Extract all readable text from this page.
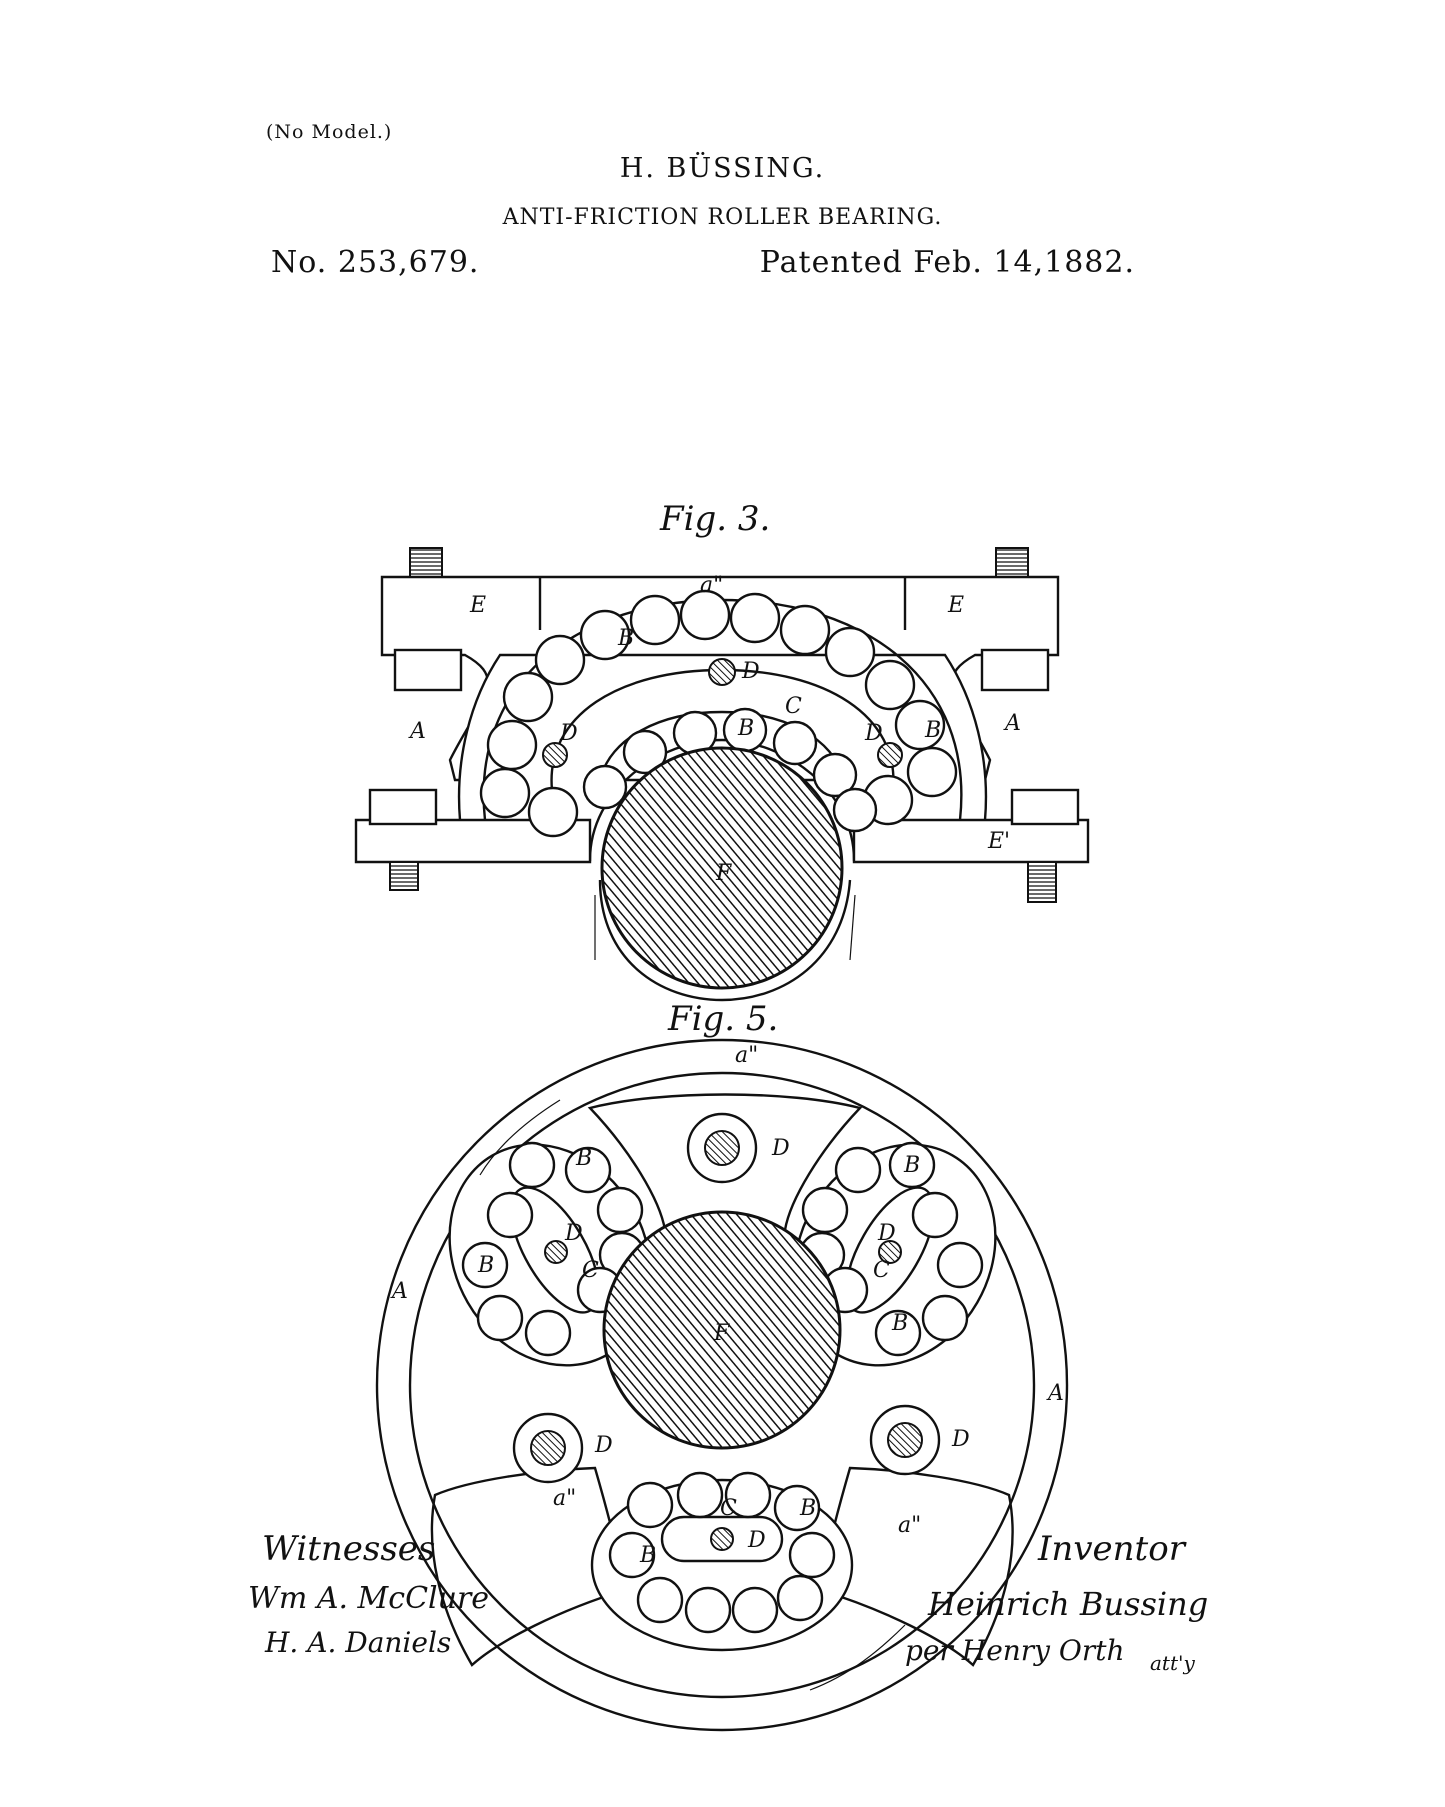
(No Model.)
H. BÜSSING.
ANTI-FRICTION ROLLER BEARING.
No. 253,679.	Patented Feb. 14,1882.
Fig. 3.
E	E
E'
A	A
a"
B
B	B
C
D
D	D
F
Fig. 5.
a"
a"
a"
A
A
D
D	D
D	D
D
B
B
B
B
B
B
C	C
C
F
Witnesses
Wm A. McClure
H. A. Daniels
Inventor
Heinrich Bussing
per Henry Orth att'y
